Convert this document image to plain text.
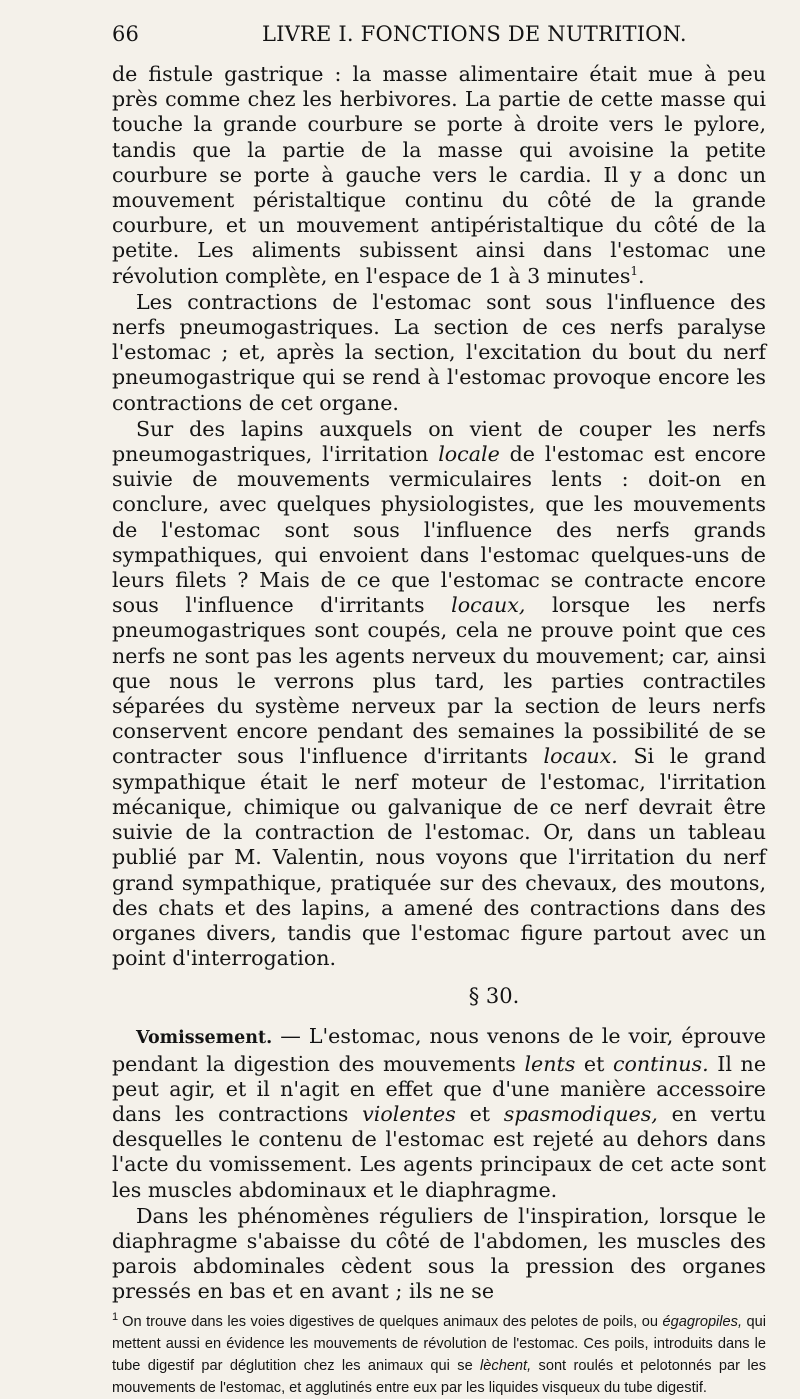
66	LIVRE I. FONCTIONS DE NUTRITION.

de fistule gastrique : la masse alimentaire était mue à peu près comme chez les herbivores. La partie de cette masse qui touche la grande courbure se porte à droite vers le pylore, tandis que la partie de la masse qui avoisine la petite courbure se porte à gauche vers le cardia. Il y a donc un mouvement péristaltique continu du côté de la grande courbure, et un mouvement antipéristaltique du côté de la petite. Les aliments subissent ainsi dans l'estomac une révolution complète, en l'espace de 1 à 3 minutes$^1$.

Les contractions de l'estomac sont sous l'influence des nerfs pneumogastriques. La section de ces nerfs paralyse l'estomac ; et, après la section, l'excitation du bout du nerf pneumogastrique qui se rend à l'estomac provoque encore les contractions de cet organe.

Sur des lapins auxquels on vient de couper les nerfs pneumogastriques, l'irritation locale de l'estomac est encore suivie de mouvements vermiculaires lents : doit-on en conclure, avec quelques physiologistes, que les mouvements de l'estomac sont sous l'influence des nerfs grands sympathiques, qui envoient dans l'estomac quelques-uns de leurs filets ? Mais de ce que l'estomac se contracte encore sous l'influence d'irritants locaux, lorsque les nerfs pneumogastriques sont coupés, cela ne prouve point que ces nerfs ne sont pas les agents nerveux du mouvement; car, ainsi que nous le verrons plus tard, les parties contractiles séparées du système nerveux par la section de leurs nerfs conservent encore pendant des semaines la possibilité de se contracter sous l'influence d'irritants locaux. Si le grand sympathique était le nerf moteur de l'estomac, l'irritation mécanique, chimique ou galvanique de ce nerf devrait être suivie de la contraction de l'estomac. Or, dans un tableau publié par M. Valentin, nous voyons que l'irritation du nerf grand sympathique, pratiquée sur des chevaux, des moutons, des chats et des lapins, a amené des contractions dans des organes divers, tandis que l'estomac figure partout avec un point d'interrogation.

§ 30.

Vomissement. — L'estomac, nous venons de le voir, éprouve pendant la digestion des mouvements lents et continus. Il ne peut agir, et il n'agit en effet que d'une manière accessoire dans les contractions violentes et spasmodiques, en vertu desquelles le contenu de l'estomac est rejeté au dehors dans l'acte du vomissement. Les agents principaux de cet acte sont les muscles abdominaux et le diaphragme.

Dans les phénomènes réguliers de l'inspiration, lorsque le diaphragme s'abaisse du côté de l'abdomen, les muscles des parois abdominales cèdent sous la pression des organes pressés en bas et en avant ; ils ne se

$^1$ On trouve dans les voies digestives de quelques animaux des pelotes de poils, ou égagropiles, qui mettent aussi en évidence les mouvements de révolution de l'estomac. Ces poils, introduits dans le tube digestif par déglutition chez les animaux qui se lèchent, sont roulés et pelotonnés par les mouvements de l'estomac, et agglutinés entre eux par les liquides visqueux du tube digestif.
